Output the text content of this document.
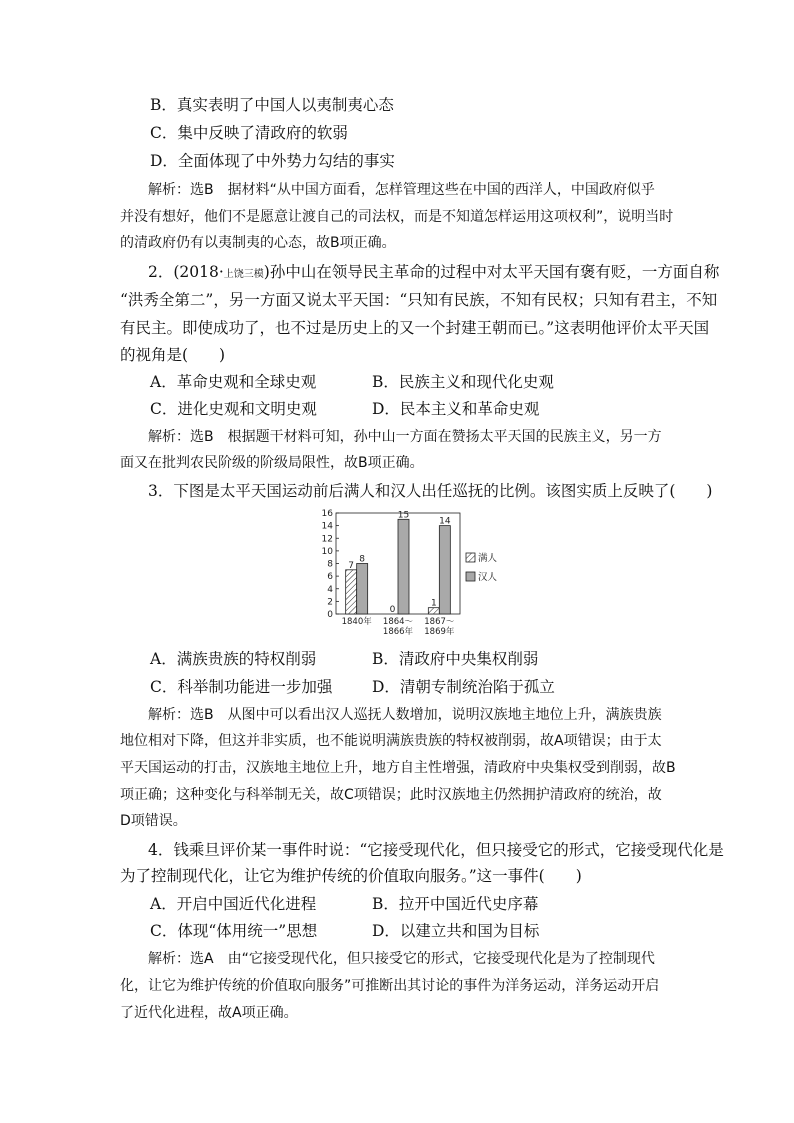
B．真实表明了中国人以夷制夷心态
C．集中反映了清政府的软弱
D．全面体现了中外势力勾结的事实
解析：选B　据材料“从中国方面看，怎样管理这些在中国的西洋人，中国政府似乎
并没有想好，他们不是愿意让渡自己的司法权，而是不知道怎样运用这项权利”，说明当时
的清政府仍有以夷制夷的心态，故B项正确。
2．(2018·上饶三模)孙中山在领导民主革命的过程中对太平天国有褒有贬，一方面自称
“洪秀全第二”，另一方面又说太平天国：“只知有民族，不知有民权；只知有君主，不知
有民主。即使成功了，也不过是历史上的又一个封建王朝而已。”这表明他评价太平天国
的视角是(　　)
A．革命史观和全球史观	B．民族主义和现代化史观
C．进化史观和文明史观	D．民本主义和革命史观
解析：选B　根据题干材料可知，孙中山一方面在赞扬太平天国的民族主义，另一方
面又在批判农民阶级的阶级局限性，故B项正确。
3．下图是太平天国运动前后满人和汉人出任巡抚的比例。该图实质上反映了(　　)
0
2
4
6
8
10
12
14
16
7
8
0
15
1
14
1840年 1864～
1866年
1867～
1869年
满人
汉人
A．满族贵族的特权削弱	B．清政府中央集权削弱
C．科举制功能进一步加强	D．清朝专制统治陷于孤立
解析：选B　从图中可以看出汉人巡抚人数增加，说明汉族地主地位上升，满族贵族
地位相对下降，但这并非实质，也不能说明满族贵族的特权被削弱，故A项错误；由于太
平天国运动的打击，汉族地主地位上升，地方自主性增强，清政府中央集权受到削弱，故B
项正确；这种变化与科举制无关，故C项错误；此时汉族地主仍然拥护清政府的统治，故
D项错误。
4．钱乘旦评价某一事件时说：“它接受现代化，但只接受它的形式，它接受现代化是
为了控制现代化，让它为维护传统的价值取向服务。”这一事件(　　)
A．开启中国近代化进程	B．拉开中国近代史序幕
C．体现“体用统一”思想	D．以建立共和国为目标
解析：选A　由“它接受现代化，但只接受它的形式，它接受现代化是为了控制现代
化，让它为维护传统的价值取向服务”可推断出其讨论的事件为洋务运动，洋务运动开启
了近代化进程，故A项正确。
